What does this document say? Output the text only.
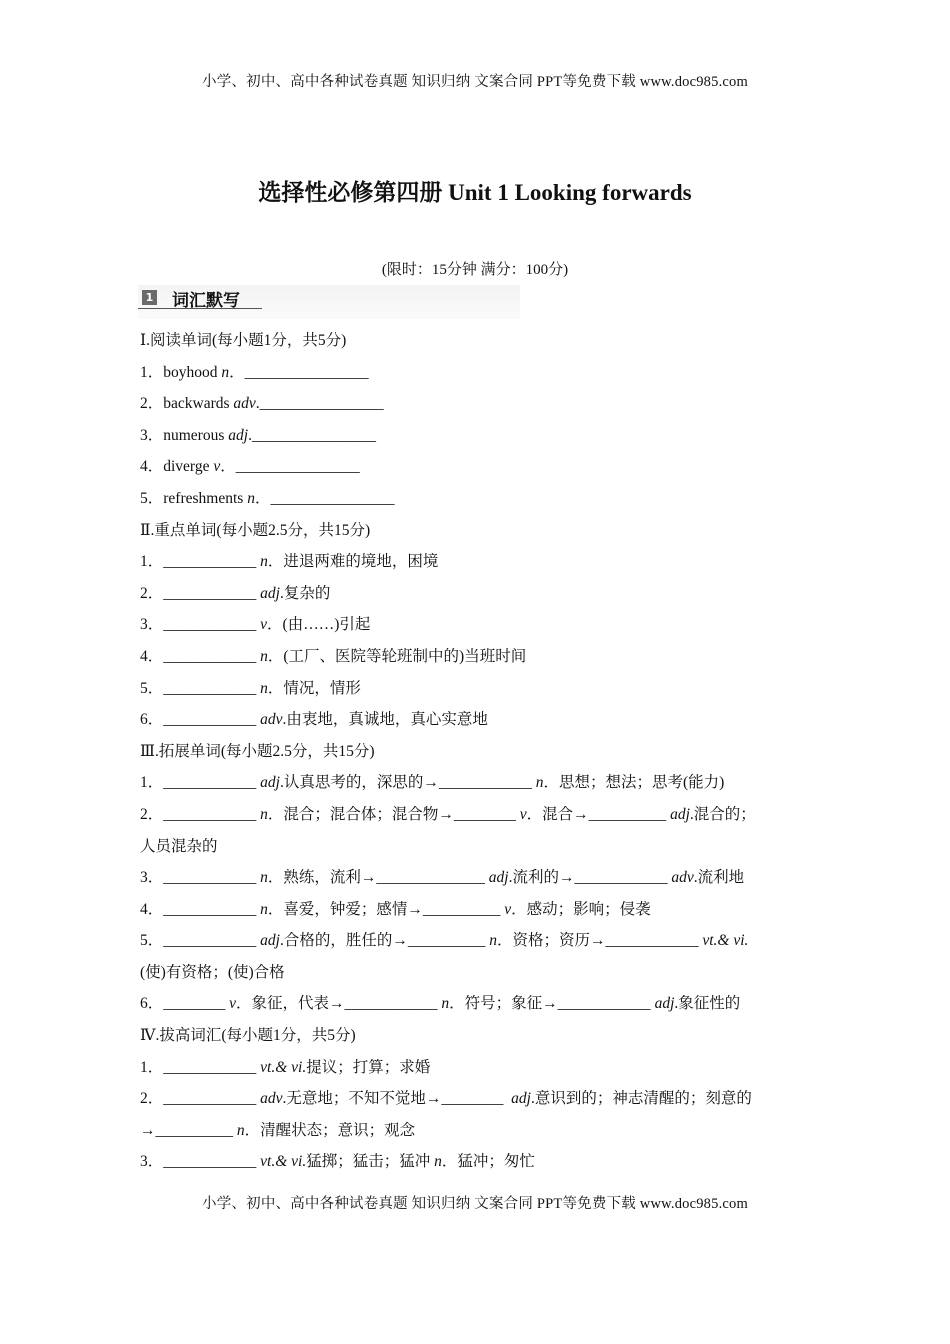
小学、初中、高中各种试卷真题 知识归纳 文案合同 PPT等免费下载 www.doc985.com
选择性必修第四册 Unit 1 Looking forwards
(限时：15分钟 满分：100分)
1 词汇默写
Ⅰ.阅读单词(每小题1分，共5分)
1．boyhood n．________________
2．backwards adv.________________
3．numerous adj.________________
4．diverge v．________________
5．refreshments n．________________
Ⅱ.重点单词(每小题2.5分，共15分)
1．____________ n．进退两难的境地，困境
2．____________ adj.复杂的
3．____________ v．(由……)引起
4．____________ n．(工厂、医院等轮班制中的)当班时间
5．____________ n．情况，情形
6．____________ adv.由衷地，真诚地，真心实意地
Ⅲ.拓展单词(每小题2.5分，共15分)
1．____________ adj.认真思考的，深思的→____________ n．思想；想法；思考(能力)
2．____________ n．混合；混合体；混合物→________ v．混合→__________ adj.混合的；
人员混杂的
3．____________ n．熟练，流利→______________ adj.流利的→____________ adv.流利地
4．____________ n．喜爱，钟爱；感情→__________ v．感动；影响；侵袭
5．____________ adj.合格的，胜任的→__________ n．资格；资历→____________ vt.& vi.
(使)有资格；(使)合格
6．________ v．象征，代表→____________ n．符号；象征→____________ adj.象征性的
Ⅳ.拔高词汇(每小题1分，共5分)
1．____________ vt.& vi.提议；打算；求婚
2．____________ adv.无意地；不知不觉地→________  adj.意识到的；神志清醒的；刻意的
→__________ n．清醒状态；意识；观念
3．____________ vt.& vi.猛掷；猛击；猛冲 n．猛冲；匆忙
小学、初中、高中各种试卷真题 知识归纳 文案合同 PPT等免费下载 www.doc985.com
